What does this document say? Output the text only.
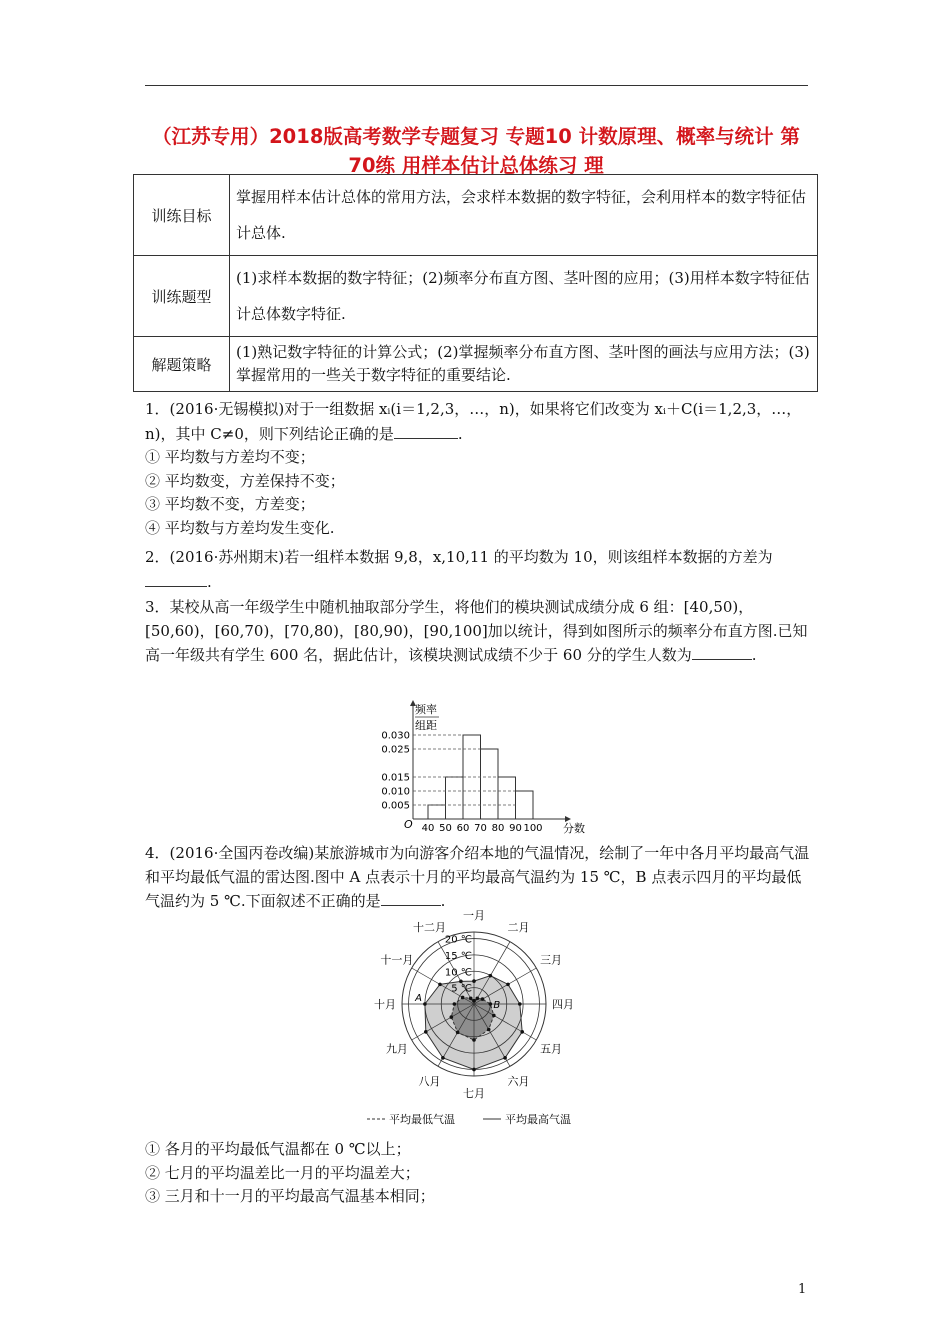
（江苏专用）2018版高考数学专题复习 专题10 计数原理、概率与统计 第70练 用样本估计总体练习 理
训练目标	掌握用样本估计总体的常用方法，会求样本数据的数字特征，会利用样本的数字特征估计总体.
训练题型	(1)求样本数据的数字特征；(2)频率分布直方图、茎叶图的应用；(3)用样本数字特征估计总体数字特征.
解题策略	(1)熟记数字特征的计算公式；(2)掌握频率分布直方图、茎叶图的画法与应用方法；(3)掌握常用的一些关于数字特征的重要结论.

1．(2016·无锡模拟)对于一组数据 xᵢ(i＝1,2,3，…，n)，如果将它们改变为 xᵢ＋C(i＝1,2,3，…，n)，其中 C≠0，则下列结论正确的是	.

① 平均数与方差均不变；

② 平均数变，方差保持不变；

③ 平均数不变，方差变；

④ 平均数与方差均发生变化.

2．(2016·苏州期末)若一组样本数据 9,8，x,10,11 的平均数为 10，则该组样本数据的方差为.

3．某校从高一年级学生中随机抽取部分学生，将他们的模块测试成绩分成 6 组：[40,50)，[50,60)，[60,70)，[70,80)，[80,90)，[90,100]加以统计，得到如图所示的频率分布直方图.已知高一年级共有学生 600 名，据此估计，该模块测试成绩不少于 60 分的学生人数为	.

频率
组距
0.005
0.010
0.015
0.025
0.030
40 50 60 70 80 90 100
O	分数

4．(2016·全国丙卷改编)某旅游城市为向游客介绍本地的气温情况，绘制了一年中各月平均最高气温和平均最低气温的雷达图.图中 A 点表示十月的平均最高气温约为 15 ℃，B 点表示四月的平均最低气温约为 5 ℃.下面叙述不正确的是	.

5 ℃
10 ℃
15 ℃
20 ℃
一月
二月
三月
四月
五月
六月
七月
八月
九月
十月
十一月
十二月
A
B
平均最低气温	平均最高气温

① 各月的平均最低气温都在 0 ℃以上；

② 七月的平均温差比一月的平均温差大；

③ 三月和十一月的平均最高气温基本相同；

1
